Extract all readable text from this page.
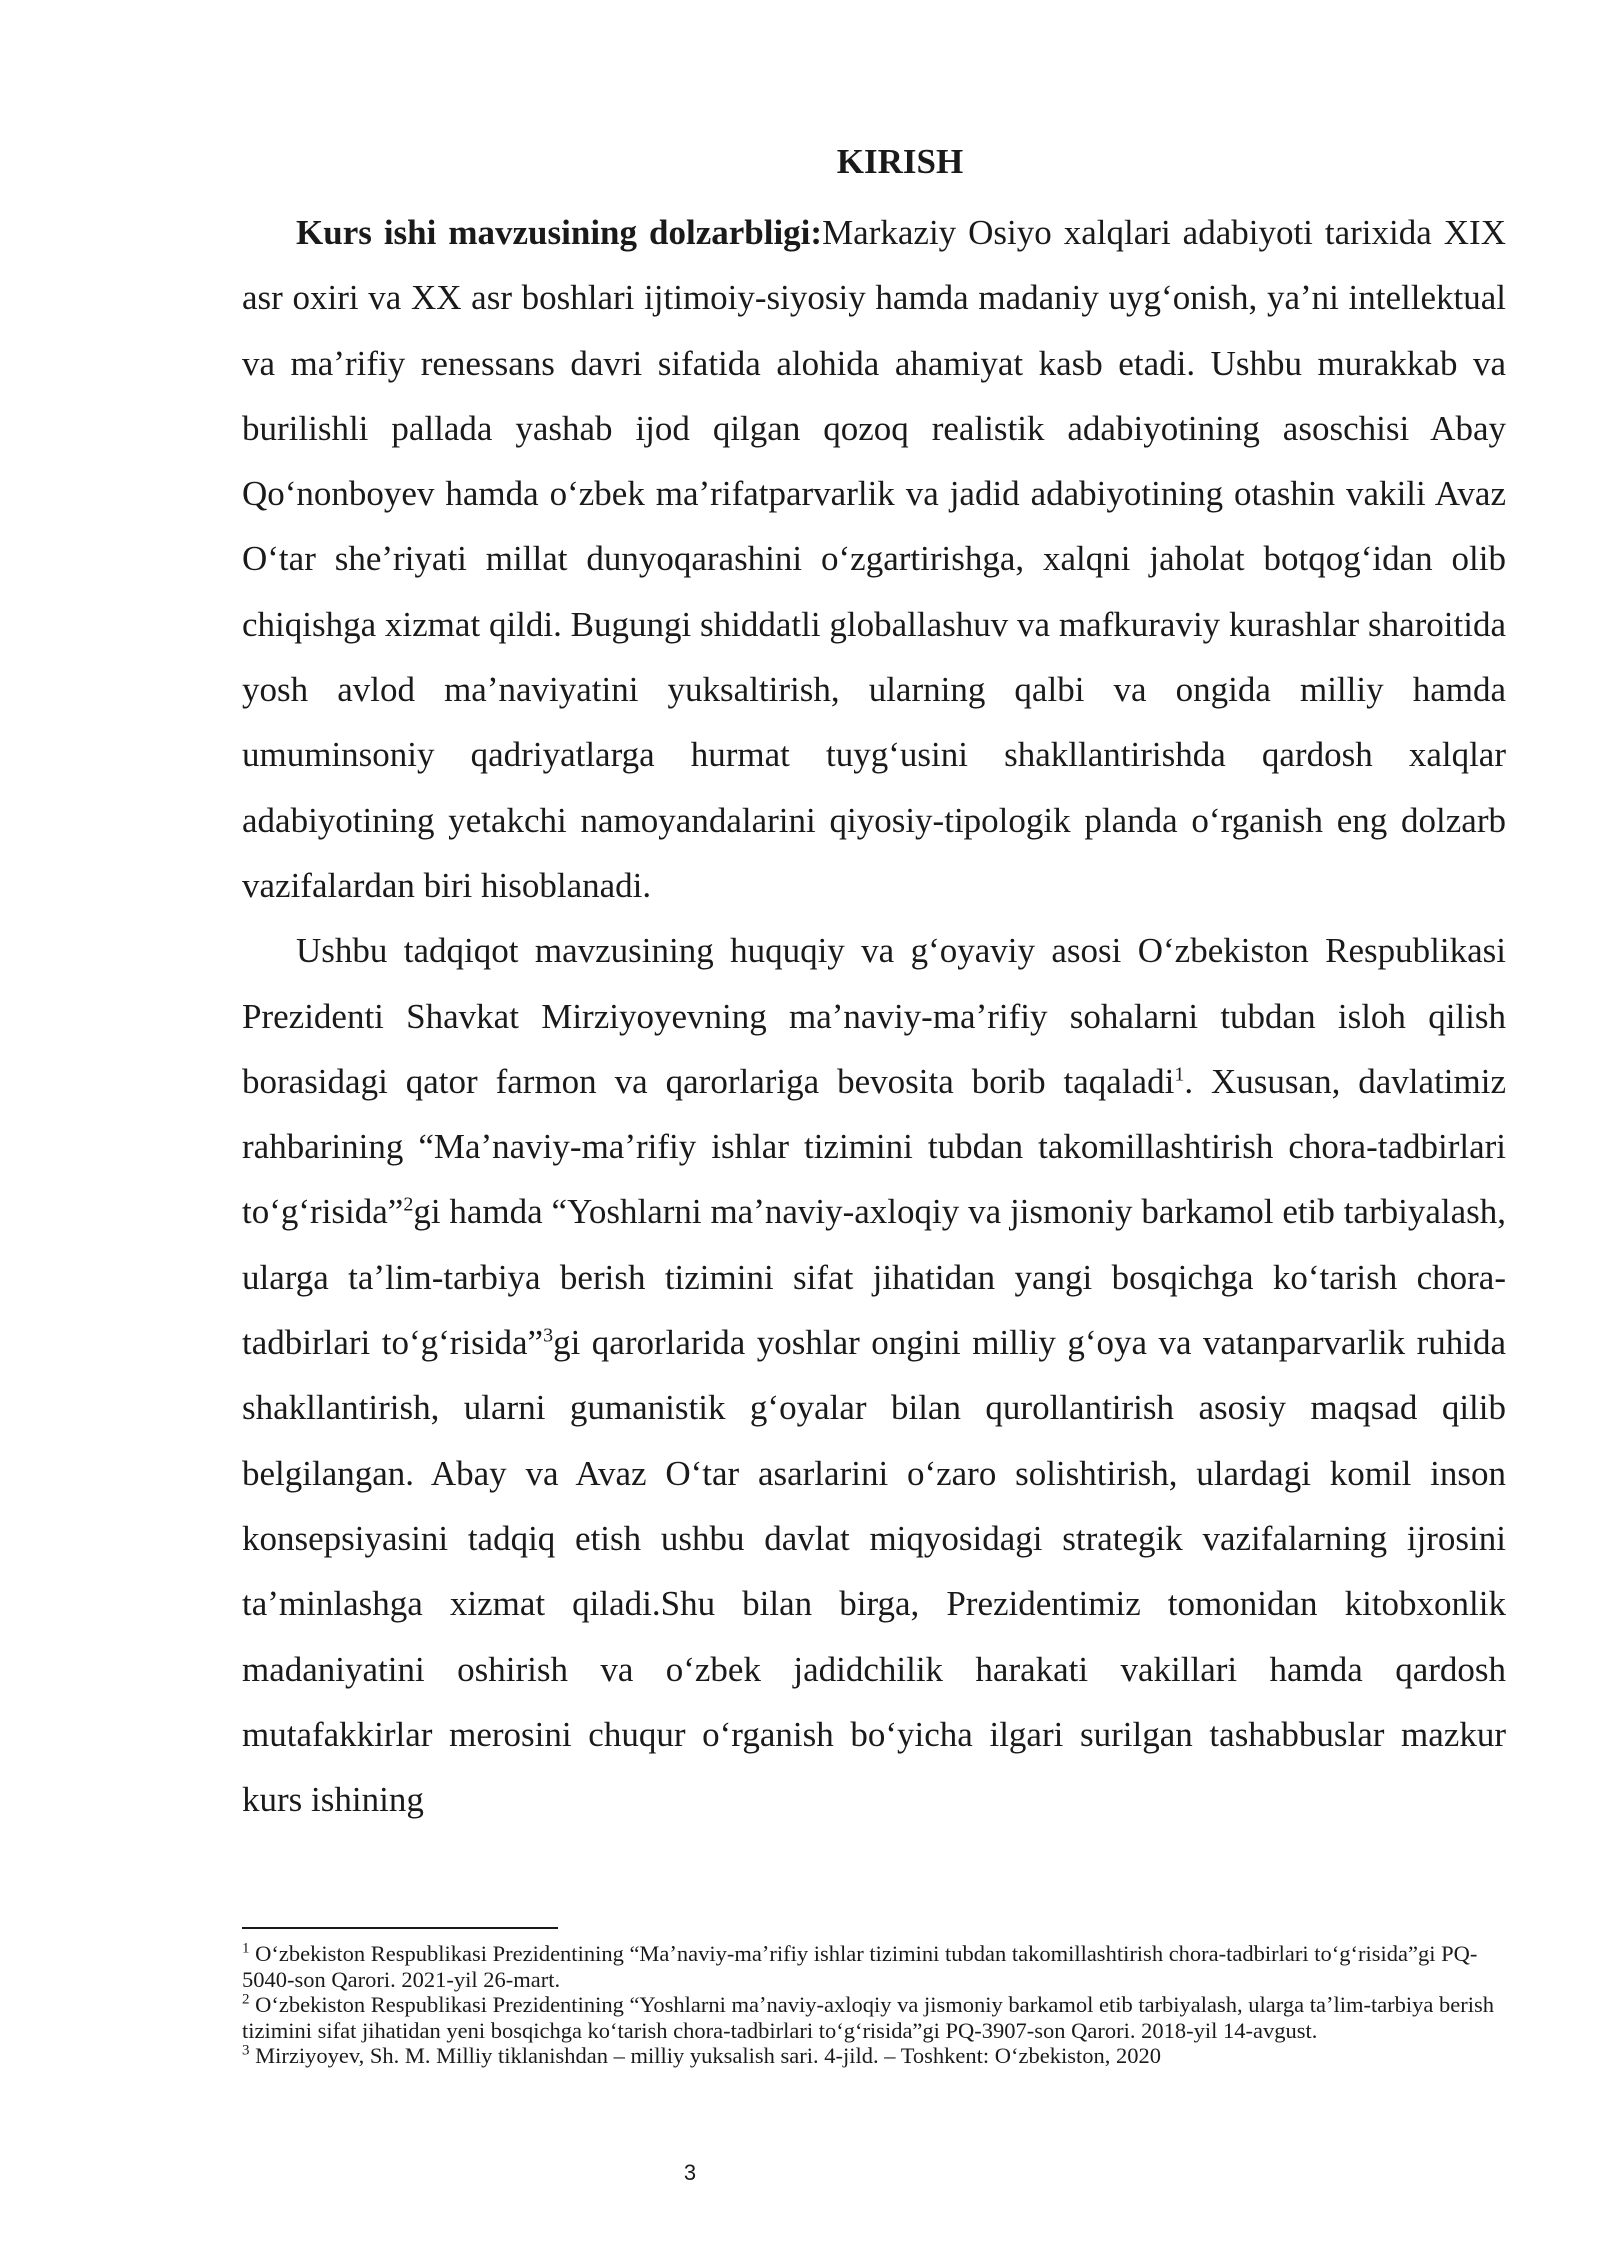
KIRISH

Kurs ishi mavzusining dolzarbligi:Markaziy Osiyo xalqlari adabiyoti tarixida XIX asr oxiri va XX asr boshlari ijtimoiy-siyosiy hamda madaniy uygʻonish, yaʼni intellektual va maʼrifiy renessans davri sifatida alohida ahamiyat kasb etadi. Ushbu murakkab va burilishli pallada yashab ijod qilgan qozoq realistik adabiyotining asoschisi Abay Qoʻnonboyev hamda oʻzbek maʼrifatparvarlik va jadid adabiyotining otashin vakili Avaz Oʻtar sheʼriyati millat dunyoqarashini oʻzgartirishga, xalqni jaholat botqogʻidan olib chiqishga xizmat qildi. Bugungi shiddatli globallashuv va mafkuraviy kurashlar sharoitida yosh avlod maʼnaviyatini yuksaltirish, ularning qalbi va ongida milliy hamda umuminsoniy qadriyatlarga hurmat tuygʻusini shakllantirishda qardosh xalqlar adabiyotining yetakchi namoyandalarini qiyosiy-tipologik planda oʻrganish eng dolzarb vazifalardan biri hisoblanadi.

Ushbu tadqiqot mavzusining huquqiy va gʻoyaviy asosi Oʻzbekiston Respublikasi Prezidenti Shavkat Mirziyoyevning maʼnaviy-maʼrifiy sohalarni tubdan isloh qilish borasidagi qator farmon va qarorlariga bevosita borib taqaladi$^1$. Xususan, davlatimiz rahbarining “Maʼnaviy-maʼrifiy ishlar tizimini tubdan takomillashtirish chora-tadbirlari toʻgʻrisida”$^2$gi hamda “Yoshlarni maʼnaviy-axloqiy va jismoniy barkamol etib tarbiyalash, ularga taʼlim-tarbiya berish tizimini sifat jihatidan yangi bosqichga koʻtarish chora-tadbirlari toʻgʻrisida”$^3$gi qarorlarida yoshlar ongini milliy gʻoya va vatanparvarlik ruhida shakllantirish, ularni gumanistik gʻoyalar bilan qurollantirish asosiy maqsad qilib belgilangan. Abay va Avaz Oʻtar asarlarini oʻzaro solishtirish, ulardagi komil inson konsepsiyasini tadqiq etish ushbu davlat miqyosidagi strategik vazifalarning ijrosini taʼminlashga xizmat qiladi.Shu bilan birga, Prezidentimiz tomonidan kitobxonlik madaniyatini oshirish va oʻzbek jadidchilik harakati vakillari hamda qardosh mutafakkirlar merosini chuqur oʻrganish boʻyicha ilgari surilgan tashabbuslar mazkur kurs ishining

$^1$ Oʻzbekiston Respublikasi Prezidentining “Maʼnaviy-maʼrifiy ishlar tizimini tubdan takomillashtirish chora-tadbirlari toʻgʻrisida”gi PQ-5040-son Qarori. 2021-yil 26-mart.

$^2$ Oʻzbekiston Respublikasi Prezidentining “Yoshlarni maʼnaviy-axloqiy va jismoniy barkamol etib tarbiyalash, ularga taʼlim-tarbiya berish tizimini sifat jihatidan yeni bosqichga koʻtarish chora-tadbirlari toʻgʻrisida”gi PQ-3907-son Qarori. 2018-yil 14-avgust.

$^3$ Mirziyoyev, Sh. M. Milliy tiklanishdan – milliy yuksalish sari. 4-jild. – Toshkent: Oʻzbekiston, 2020

3
